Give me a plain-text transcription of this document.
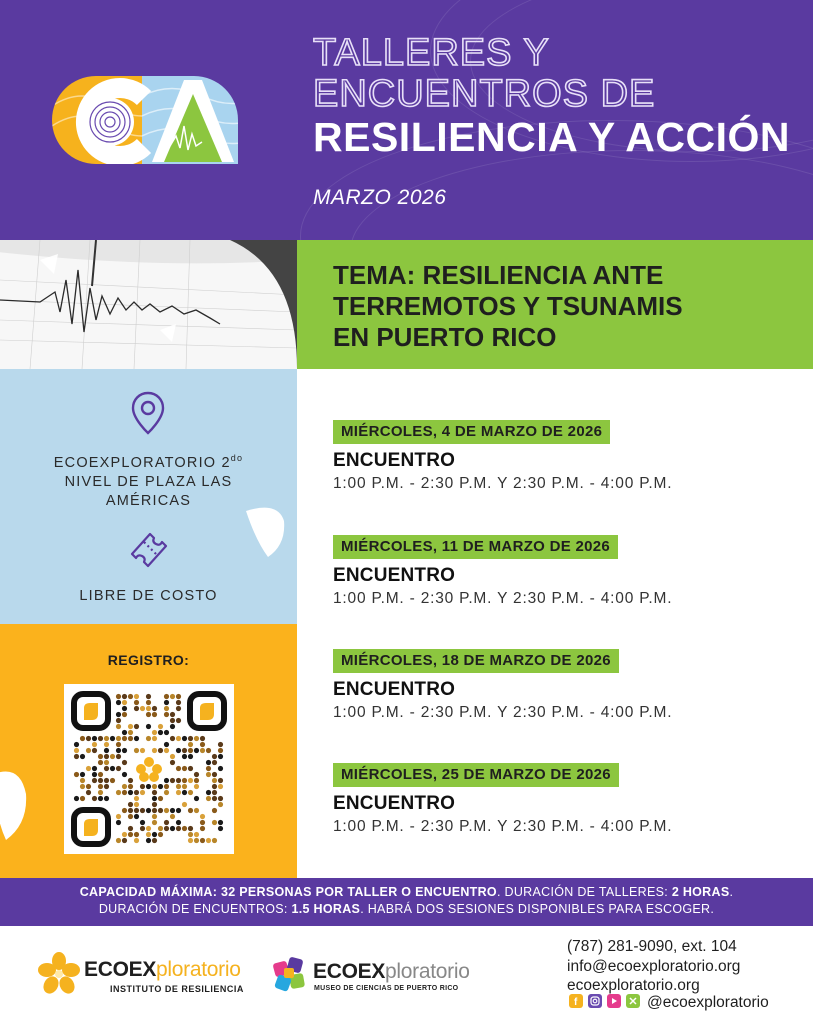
TALLERES Y
ENCUENTROS DE
RESILIENCIA Y ACCIÓN
MARZO 2026
TEMA: RESILIENCIA ANTE
TERREMOTOS Y TSUNAMIS
EN PUERTO RICO
ECOEXPLORATORIO $2^{do}$
NIVEL DE PLAZA LAS
AMÉRICAS
LIBRE DE COSTO
REGISTRO:
MIÉRCOLES, 4 DE MARZO DE 2026
ENCUENTRO
1:00 P.M. - 2:30 P.M. Y 2:30 P.M. - 4:00 P.M.
MIÉRCOLES, 11 DE MARZO DE 2026
ENCUENTRO
1:00 P.M. - 2:30 P.M. Y 2:30 P.M. - 4:00 P.M.
MIÉRCOLES, 18 DE MARZO DE 2026
ENCUENTRO
1:00 P.M. - 2:30 P.M. Y 2:30 P.M. - 4:00 P.M.
MIÉRCOLES, 25 DE MARZO DE 2026
ENCUENTRO
1:00 P.M. - 2:30 P.M. Y 2:30 P.M. - 4:00 P.M.
CAPACIDAD MÁXIMA: 32 PERSONAS POR TALLER O ENCUENTRO. DURACIÓN DE TALLERES: 2 HORAS.
DURACIÓN DE ENCUENTROS: 1.5 HORAS. HABRÁ DOS SESIONES DISPONIBLES PARA ESCOGER.
ECOEXploratorio
INSTITUTO DE RESILIENCIA
ECOEXploratorio
MUSEO DE CIENCIAS DE PUERTO RICO
(787) 281-9090, ext. 104
info@ecoexploratorio.org
ecoexploratorio.org
f	@ecoexploratorio
